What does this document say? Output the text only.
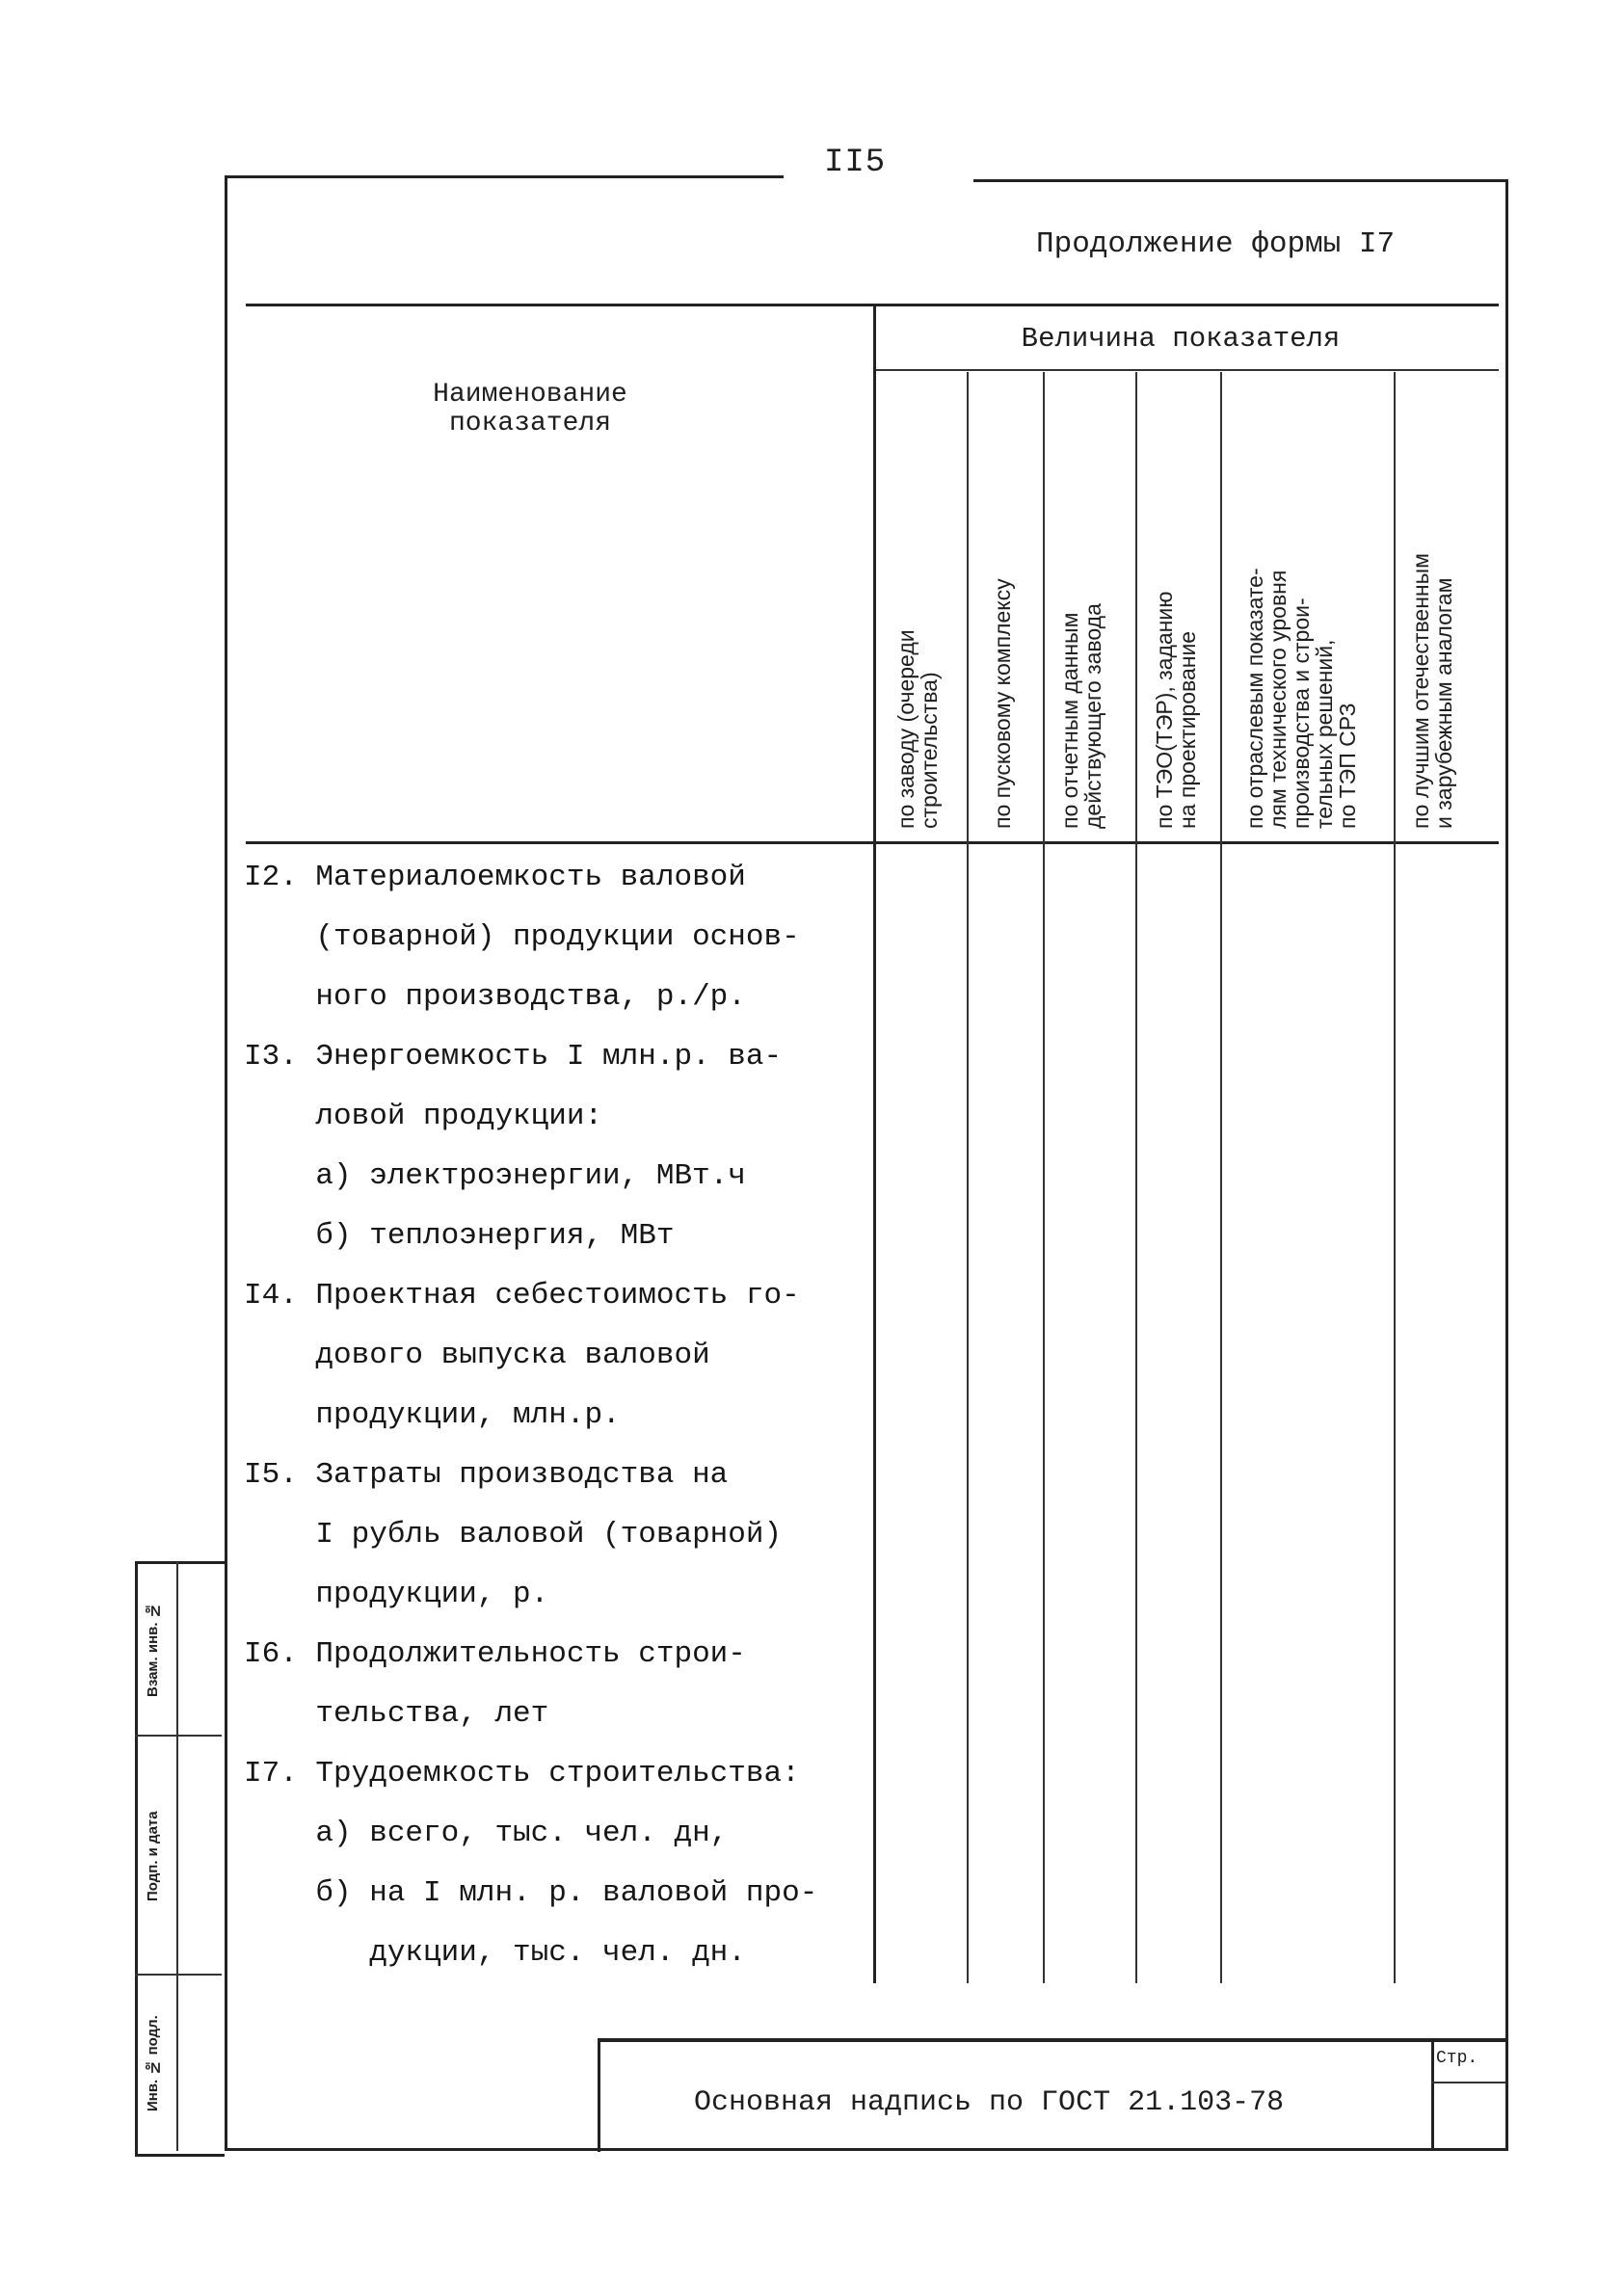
II5
Продолжение формы I7
Наименование
показателя
Величина показателя
по заводу (очереди
строительства) по пусковому комплексу по отчетным данным
действующего завода
по ТЭО(ТЭР), заданию
на проектирование
по отраслевым показате-
лям технического уровня
производства и строи-
тельных решений,
по ТЭП СРЗ
по лучшим отечественным
и зарубежным аналогам
I2. Материалоемкость валовой
(товарной) продукции основ-
ного производства, р./р.
I3. Энергоемкость I млн.р. ва-
ловой продукции:
а) электроэнергии, МВт.ч
б) теплоэнергия, МВт
I4. Проектная себестоимость го-
дового выпуска валовой
продукции, млн.р.
I5. Затраты производства на
I рубль валовой (товарной)
продукции, р.
I6. Продолжительность строи-
тельства, лет
I7. Трудоемкость строительства:
а) всего, тыс. чел. дн,
б) на I млн. р. валовой про-
дукции, тыс. чел. дн.
Инв. № подл.
Подп. и дата
Взам. инв. №
Стр.
Основная надпись по ГОСТ 21.103-78
